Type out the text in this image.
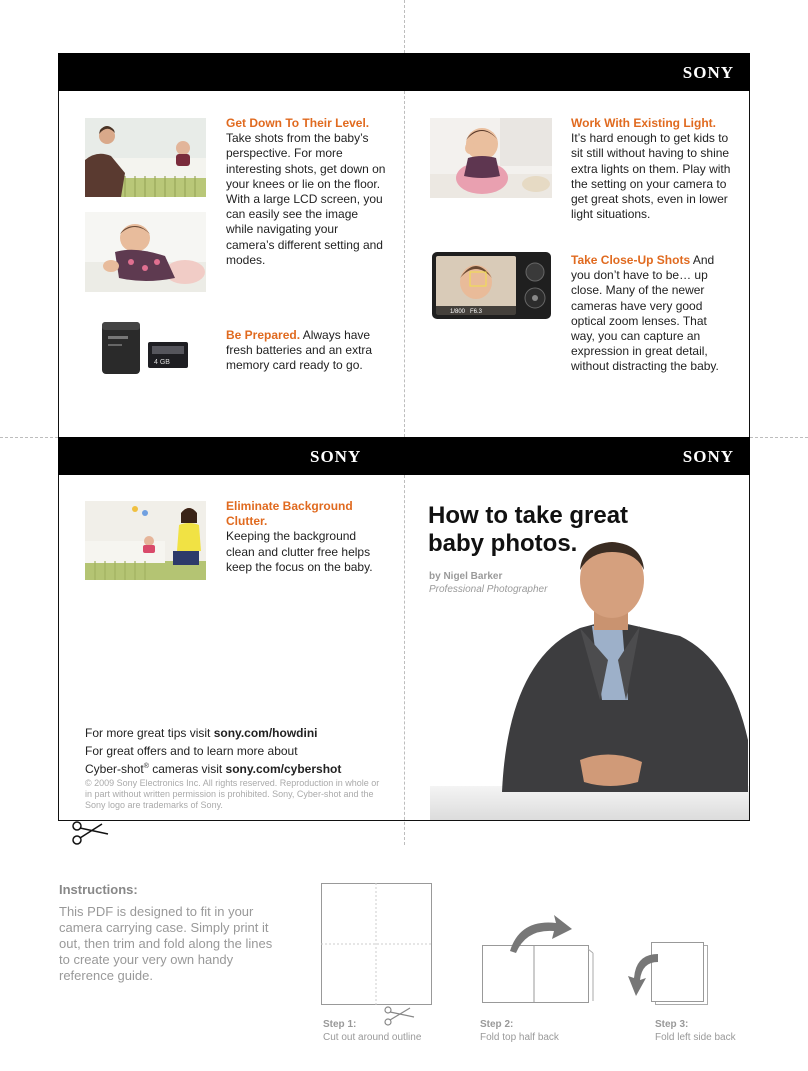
SONY
SONY	SONY
Get Down To Their Level.
Take shots from the baby’s perspective. For more interesting shots, get down on your knees or lie on the floor. With a large LCD screen, you can easily see the image while navigating your camera’s different setting and modes.
4 GB
Be Prepared. Always have fresh batteries and an extra memory card ready to go.
Work With Existing Light. It’s hard enough to get kids to sit still without having to shine extra lights on them. Play with the setting on your camera to get great shots, even in lower light situations.
1/800 F6.3
Take Close-Up Shots And you don’t have to be… up close. Many of the newer cameras have very good optical zoom lenses. That way, you can capture an expression in great detail, without distracting the baby.
Eliminate Background Clutter.
Keeping the background clean and clutter free helps keep the focus on the baby.
For more great tips visit sony.com/howdini
For great offers and to learn more about
Cyber-shot® cameras visit sony.com/cybershot
© 2009 Sony Electronics Inc. All rights reserved. Reproduction in whole or in part without written permission is prohibited. Sony, Cyber-shot and the Sony logo are trademarks of Sony.
How to take great
baby photos.
by Nigel Barker
Professional Photographer
Instructions:
This PDF is designed to fit in your camera carrying case. Simply print it out, then trim and fold along the lines to create your very own handy reference guide.
Step 1:
Cut out around outline
Step 2:
Fold top half back
Step 3:
Fold left side back
